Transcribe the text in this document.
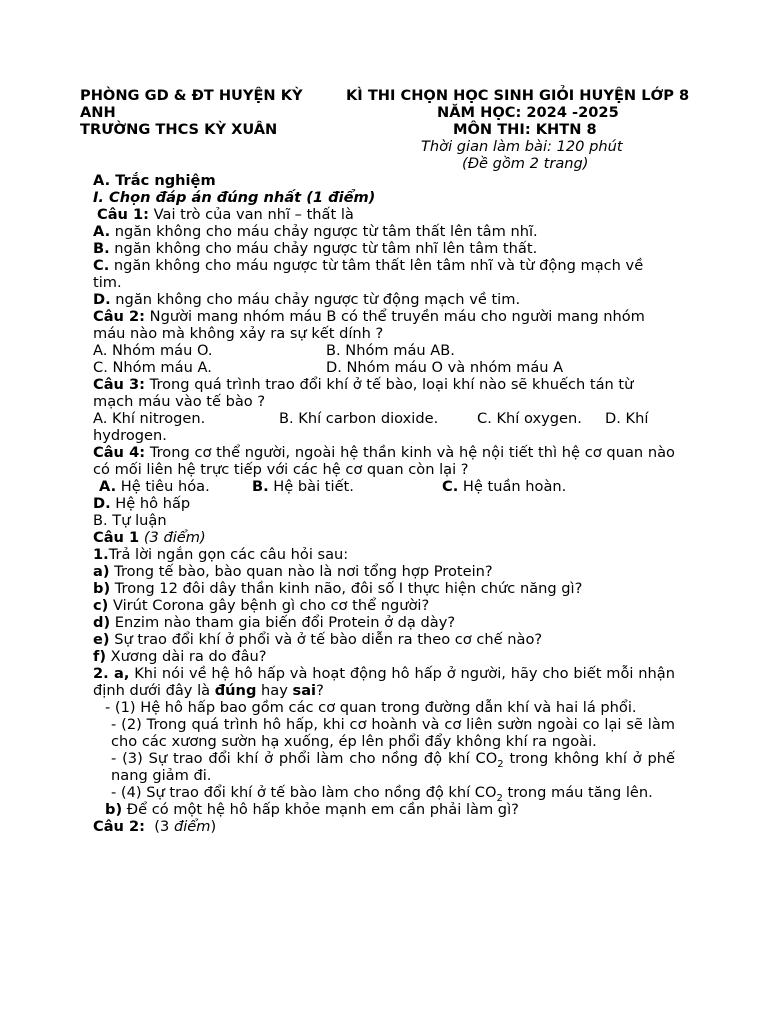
PHÒNG GD & ĐT HUYỆN KỲ
ANH
TRƯỜNG THCS KỲ XUÂN
KÌ THI CHỌN HỌC SINH GIỎI HUYỆN LỚP 8
NĂM HỌC: 2024 -2025
MÔN THI: KHTN 8
Thời gian làm bài: 120 phút
(Đề gồm 2 trang)

A. Trắc nghiệm

I. Chọn đáp án đúng nhất (1 điểm)

Câu 1: Vai trò của van nhĩ – thất là

A. ngăn không cho máu chảy ngược từ tâm thất lên tâm nhĩ.

B. ngăn không cho máu chảy ngược từ tâm nhĩ lên tâm thất.

C. ngăn không cho máu ngược từ tâm thất lên tâm nhĩ và từ động mạch về tim.

D. ngăn không cho máu chảy ngược từ động mạch về tim.

Câu 2: Người mang nhóm máu B có thể truyền máu cho người mang nhóm máu nào mà không xảy ra sự kết dính ?

A. Nhóm máu O.	B. Nhóm máu AB.
C. Nhóm máu A.	D. Nhóm máu O và nhóm máu A

Câu 3: Trong quá trình trao đổi khí ở tế bào, loại khí nào sẽ khuếch tán từ mạch máu vào tế bào ?

A. Khí nitrogen.	B. Khí carbon dioxide.	C. Khí oxygen.	D. Khí

hydrogen.

Câu 4: Trong cơ thể người, ngoài hệ thần kinh và hệ nội tiết thì hệ cơ quan nào có mối liên hệ trực tiếp với các hệ cơ quan còn lại ?

A. Hệ tiêu hóa.	B. Hệ bài tiết.	C. Hệ tuần hoàn.

D. Hệ hô hấp

B. Tự luận

Câu 1 (3 điểm)

1.Trả lời ngắn gọn các câu hỏi sau:

a) Trong tế bào, bào quan nào là nơi tổng hợp Protein?

b) Trong 12 đôi dây thần kinh não, đôi số I thực hiện chức năng gì?

c) Virút Corona gây bệnh gì cho cơ thể người?

d) Enzim nào tham gia biến đổi Protein ở dạ dày?

e) Sự trao đổi khí ở phổi và ở tế bào diễn ra theo cơ chế nào?

f) Xương dài ra do đâu?

2. a, Khi nói về hệ hô hấp và hoạt động hô hấp ở người, hãy cho biết mỗi nhận định dưới đây là đúng hay sai?

- (1) Hệ hô hấp bao gồm các cơ quan trong đường dẫn khí và hai lá phổi.

- (2) Trong quá trình hô hấp, khi cơ hoành và cơ liên sườn ngoài co lại sẽ làm cho các xương sườn hạ xuống, ép lên phổi đẩy không khí ra ngoài.

- (3) Sự trao đổi khí ở phổi làm cho nồng độ khí $CO_2$ trong không khí ở phế nang giảm đi.

- (4) Sự trao đổi khí ở tế bào làm cho nồng độ khí $CO_2$ trong máu tăng lên.

b) Để có một hệ hô hấp khỏe mạnh em cần phải làm gì?

Câu 2:  (3 điểm)
